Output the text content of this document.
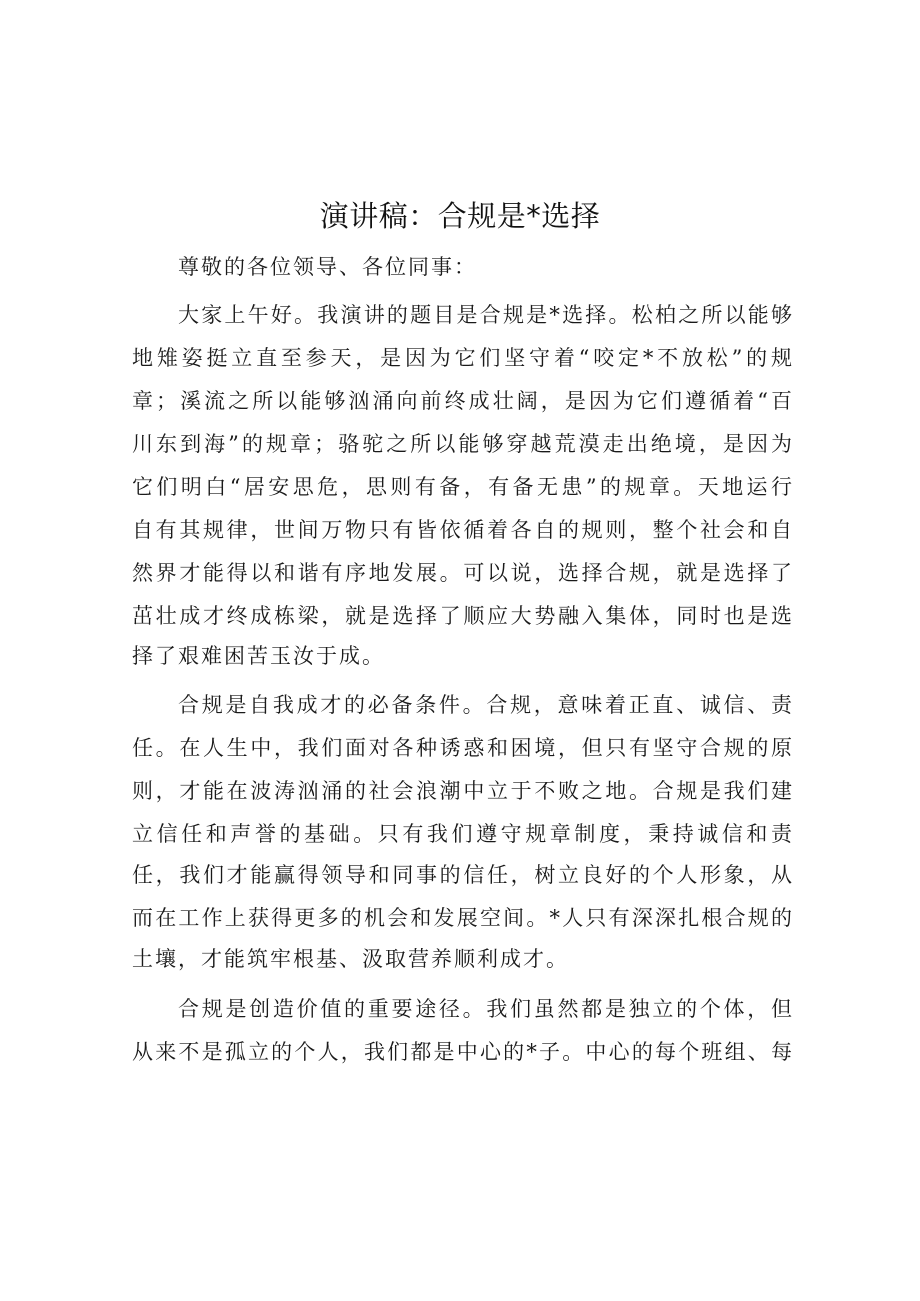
演讲稿：合规是*选择

尊敬的各位领导、各位同事：

大家上午好。我演讲的题目是合规是*选择。松柏之所以能够

地雉姿挺立直至参天，是因为它们坚守着“咬定*不放松”的规

章；溪流之所以能够汹涌向前终成壮阔，是因为它们遵循着“百

川东到海”的规章；骆驼之所以能够穿越荒漠走出绝境，是因为

它们明白“居安思危，思则有备，有备无患”的规章。天地运行

自有其规律，世间万物只有皆依循着各自的规则，整个社会和自

然界才能得以和谐有序地发展。可以说，选择合规，就是选择了

茁壮成才终成栋梁，就是选择了顺应大势融入集体，同时也是选

择了艰难困苦玉汝于成。

合规是自我成才的必备条件。合规，意味着正直、诚信、责

任。在人生中，我们面对各种诱惑和困境，但只有坚守合规的原

则，才能在波涛汹涌的社会浪潮中立于不败之地。合规是我们建

立信任和声誉的基础。只有我们遵守规章制度，秉持诚信和责

任，我们才能赢得领导和同事的信任，树立良好的个人形象，从

而在工作上获得更多的机会和发展空间。*人只有深深扎根合规的

土壤，才能筑牢根基、汲取营养顺利成才。

合规是创造价值的重要途径。我们虽然都是独立的个体，但

从来不是孤立的个人，我们都是中心的*子。中心的每个班组、每
